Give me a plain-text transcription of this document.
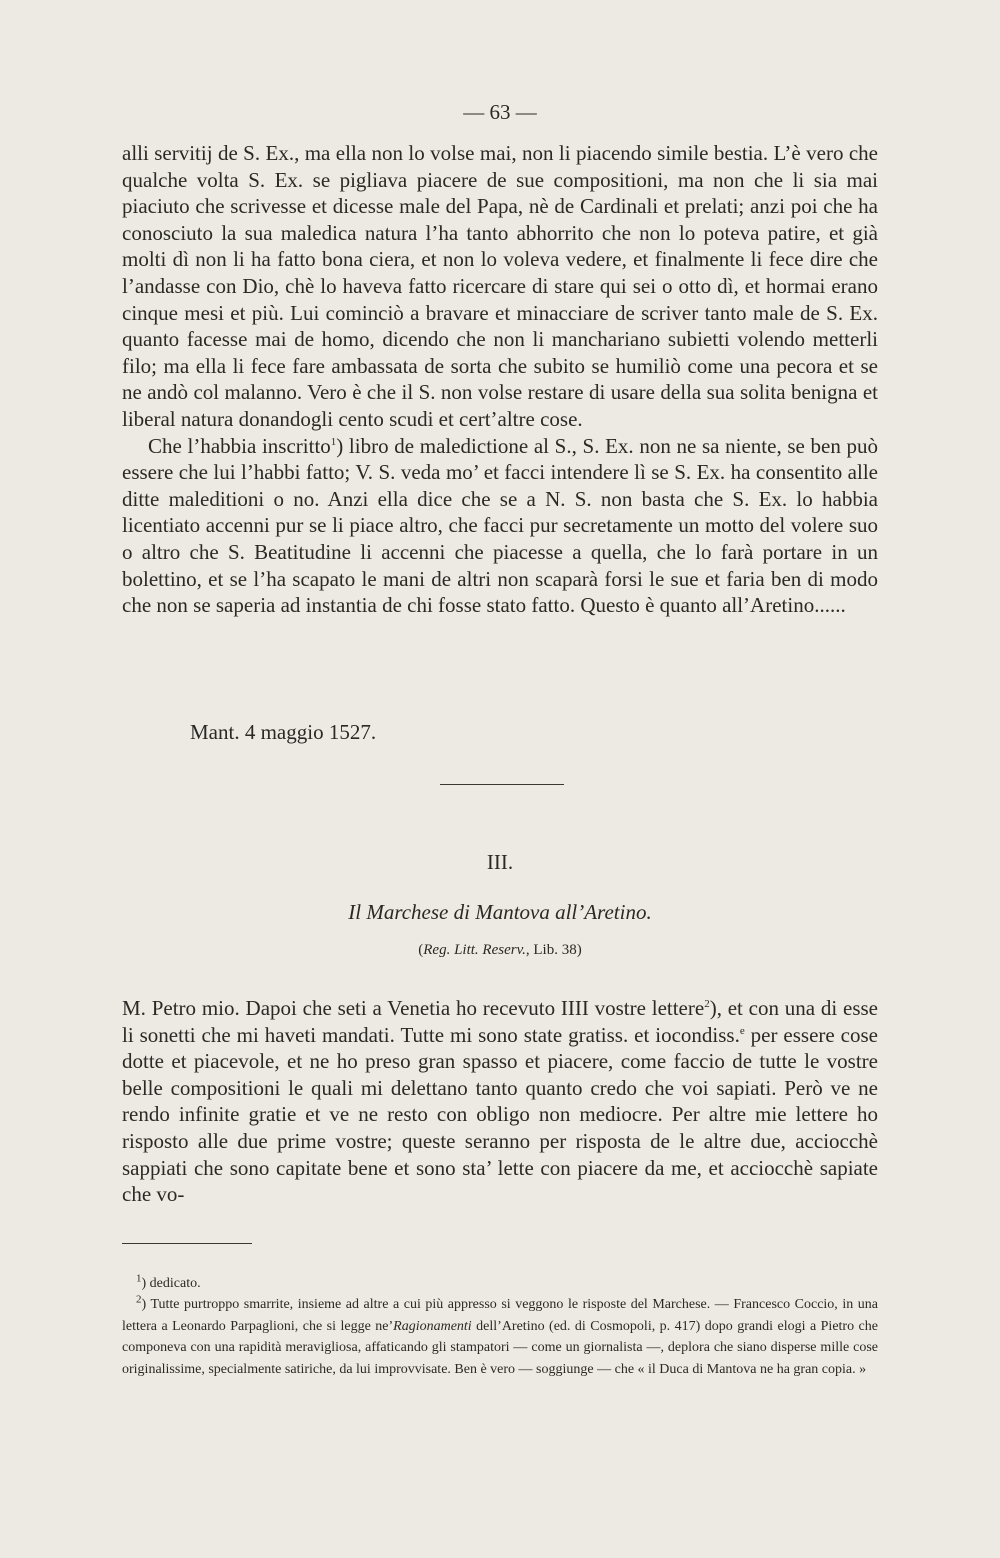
— 63 —

alli servitij de S. Ex., ma ella non lo volse mai, non li piacendo simile bestia. L’è vero che qualche volta S. Ex. se pigliava piacere de sue compositioni, ma non che li sia mai piaciuto che scrivesse et dicesse male del Papa, nè de Cardinali et prelati; anzi poi che ha conosciuto la sua maledica natura l’ha tanto abhorrito che non lo poteva patire, et già molti dì non li ha fatto bona ciera, et non lo voleva vedere, et finalmente li fece dire che l’andasse con Dio, chè lo haveva fatto ricercare di stare qui sei o otto dì, et hormai erano cinque mesi et più. Lui cominciò a bravare et minacciare de scriver tanto male de S. Ex. quanto facesse mai de homo, dicendo che non li manchariano subietti volendo metterli filo; ma ella li fece fare ambassata de sorta che subito se humiliò come una pecora et se ne andò col malanno. Vero è che il S. non volse restare di usare della sua solita benigna et liberal natura donandogli cento scudi et cert’altre cose.

Che l’habbia inscritto$^1$) libro de maledictione al S., S. Ex. non ne sa niente, se ben può essere che lui l’habbi fatto; V. S. veda mo’ et facci intendere lì se S. Ex. ha consentito alle ditte maleditioni o no. Anzi ella dice che se a N. S. non basta che S. Ex. lo habbia licentiato accenni pur se li piace altro, che facci pur secretamente un motto del volere suo o altro che S. Beatitudine li accenni che piacesse a quella, che lo farà portare in un bolettino, et se l’ha scapato le mani de altri non scaparà forsi le sue et faria ben di modo che non se saperia ad instantia de chi fosse stato fatto. Questo è quanto all’Aretino......

Mant. 4 maggio 1527.
III.
Il Marchese di Mantova all’Aretino.
(Reg. Litt. Reserv., Lib. 38)

M. Petro mio. Dapoi che seti a Venetia ho recevuto IIII vostre lettere$^2$), et con una di esse li sonetti che mi haveti mandati. Tutte mi sono state gratiss. et iocondiss.$^e$ per essere cose dotte et piacevole, et ne ho preso gran spasso et piacere, come faccio de tutte le vostre belle compositioni le quali mi delettano tanto quanto credo che voi sapiati. Però ve ne rendo infinite gratie et ve ne resto con obligo non mediocre. Per altre mie lettere ho risposto alle due prime vostre; queste seranno per risposta de le altre due, acciocchè sappiati che sono capitate bene et sono sta’ lette con piacere da me, et acciocchè sapiate che vo-

$^1$) dedicato.

$^2$) Tutte purtroppo smarrite, insieme ad altre a cui più appresso si veggono le risposte del Marchese. — Francesco Coccio, in una lettera a Leonardo Parpaglioni, che si legge ne’Ragionamenti dell’Aretino (ed. di Cosmopoli, p. 417) dopo grandi elogi a Pietro che componeva con una rapidità meravigliosa, affaticando gli stampatori — come un giornalista —, deplora che siano disperse mille cose originalissime, specialmente satiriche, da lui improvvisate. Ben è vero — soggiunge — che « il Duca di Mantova ne ha gran copia. »
